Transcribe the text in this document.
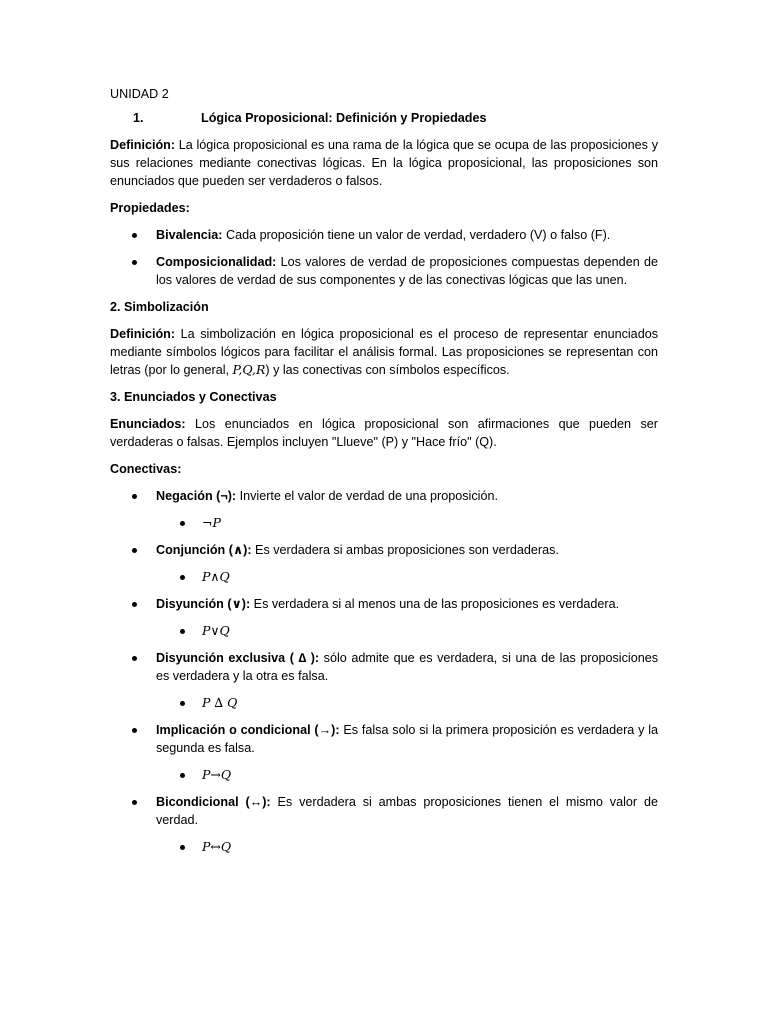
UNIDAD 2

1.	Lógica Proposicional: Definición y Propiedades

Definición: La lógica proposicional es una rama de la lógica que se ocupa de las proposiciones y sus relaciones mediante conectivas lógicas. En la lógica proposicional, las proposiciones son enunciados que pueden ser verdaderos o falsos.

Propiedades:

Bivalencia: Cada proposición tiene un valor de verdad, verdadero (V) o falso (F).
Composicionalidad: Los valores de verdad de proposiciones compuestas dependen de los valores de verdad de sus componentes y de las conectivas lógicas que las unen.

2. Simbolización

Definición: La simbolización en lógica proposicional es el proceso de representar enunciados mediante símbolos lógicos para facilitar el análisis formal. Las proposiciones se representan con letras (por lo general, P,Q,R) y las conectivas con símbolos específicos.

3. Enunciados y Conectivas

Enunciados: Los enunciados en lógica proposicional son afirmaciones que pueden ser verdaderas o falsas. Ejemplos incluyen "Llueve" (P) y "Hace frío" (Q).

Conectivas:

Negación (¬): Invierte el valor de verdad de una proposición.
¬P
Conjunción (∧): Es verdadera si ambas proposiciones son verdaderas.
P∧Q
Disyunción (∨): Es verdadera si al menos una de las proposiciones es verdadera.
P∨Q
Disyunción exclusiva ( ∆ ): sólo admite que es verdadera, si una de las proposiciones es verdadera y la otra es falsa.
P ∆ Q
Implicación o condicional (→): Es falsa solo si la primera proposición es verdadera y la segunda es falsa.
P→Q
Bicondicional (↔): Es verdadera si ambas proposiciones tienen el mismo valor de verdad.
P↔Q
